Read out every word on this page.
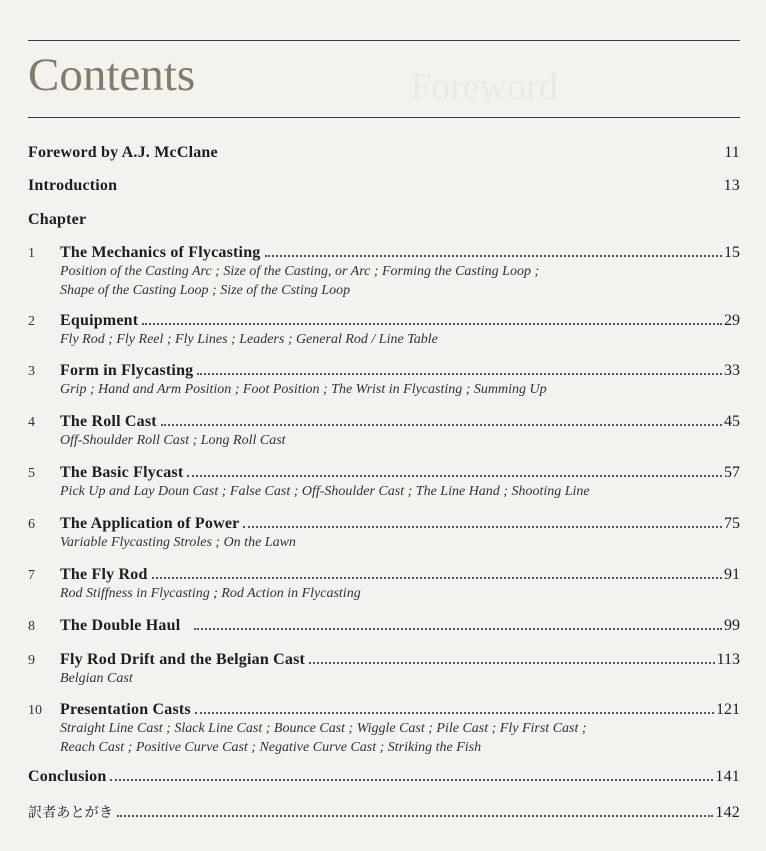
Foreword
Contents
Foreword by A.J. McClane	11
Introduction	13
Chapter
1	The Mechanics of Flycasting	15
Position of the Casting Arc ; Size of the Casting, or Arc ; Forming the Casting Loop ;
Shape of the Casting Loop ; Size of the Csting Loop
2	Equipment	29
Fly Rod ; Fly Reel ; Fly Lines ; Leaders ; General Rod / Line Table
3	Form in Flycasting	33
Grip ; Hand and Arm Position ; Foot Position ; The Wrist in Flycasting ; Summing Up
4	The Roll Cast	45
Off-Shoulder Roll Cast ; Long Roll Cast
5	The Basic Flycast	57
Pick Up and Lay Doun Cast ; False Cast ; Off-Shoulder Cast ; The Line Hand ; Shooting Line
6	The Application of Power	75
Variable Flycasting Stroles ; On the Lawn
7	The Fly Rod	91
Rod Stiffness in Flycasting ; Rod Action in Flycasting
8	The Double Haul	99
9	Fly Rod Drift and the Belgian Cast	113
Belgian Cast
10	Presentation Casts	121
Straight Line Cast ; Slack Line Cast ; Bounce Cast ; Wiggle Cast ; Pile Cast ; Fly First Cast ;
Reach Cast ; Positive Curve Cast ; Negative Curve Cast ; Striking the Fish
Conclusion	141
訳者あとがき	142
